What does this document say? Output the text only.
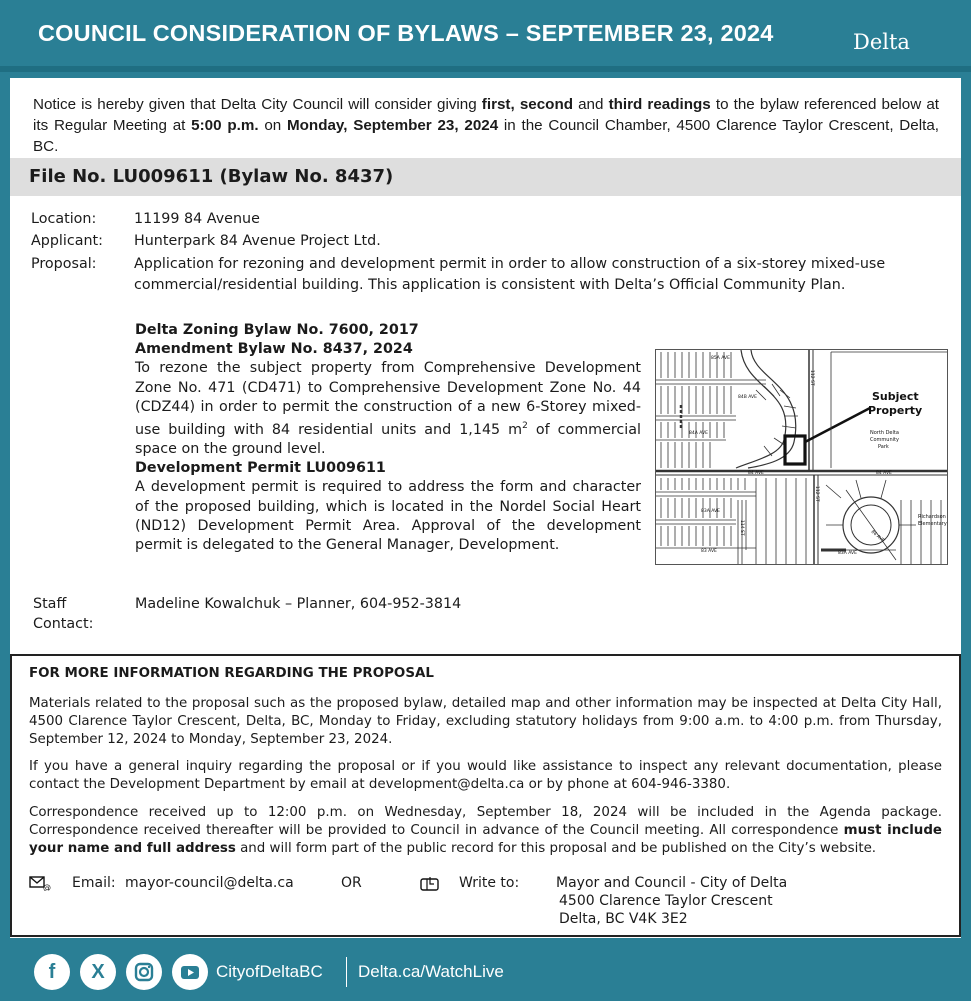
COUNCIL CONSIDERATION OF BYLAWS – SEPTEMBER 23, 2024	Delta
Notice is hereby given that Delta City Council will consider giving first, second and third readings to the bylaw referenced below at its Regular Meeting at 5:00 p.m. on Monday, September 23, 2024 in the Council Chamber, 4500 Clarence Taylor Crescent, Delta, BC.
File No. LU009611 (Bylaw No. 8437)
Location:	11199 84 Avenue
Applicant:	Hunterpark 84 Avenue Project Ltd.
Proposal:	Application for rezoning and development permit in order to allow construction of a six-storey mixed-use commercial/residential building. This application is consistent with Delta’s Official Community Plan.
Delta Zoning Bylaw No. 7600, 2017
Amendment Bylaw No. 8437, 2024
To rezone the subject property from Comprehensive Development Zone No. 471 (CD471) to Comprehensive Development Zone No. 44 (CDZ44) in order to permit the construction of a new 6-Storey mixed-use building with 84 residential units and 1,145 $m^2$ of commercial space on the ground level.
Development Permit LU009611
A development permit is required to address the form and character of the proposed building, which is located in the Nordel Social Heart (ND12) Development Permit Area. Approval of the development permit is delegated to the General Manager, Development.
Subject
Property
North Delta
Community
Park
Richardson
Elementary
84 AVE	84 AVE
85A AVE
84B AVE
84A AVE
83A AVE
83 AVE
112 ST
112 ST
114 ST
83A AVE
86 AVE
Staff Contact:
Madeline Kowalchuk – Planner, 604-952-3814
FOR MORE INFORMATION REGARDING THE PROPOSAL
Materials related to the proposal such as the proposed bylaw, detailed map and other information may be inspected at Delta City Hall, 4500 Clarence Taylor Crescent, Delta, BC, Monday to Friday, excluding statutory holidays from 9:00 a.m. to 4:00 p.m. from Thursday, September 12, 2024 to Monday, September 23, 2024.
If you have a general inquiry regarding the proposal or if you would like assistance to inspect any relevant documentation, please contact the Development Department by email at development@delta.ca or by phone at 604-946-3380.
Correspondence received up to 12:00 p.m. on Wednesday, September 18, 2024 will be included in the Agenda package. Correspondence received thereafter will be provided to Council in advance of the Council meeting. All correspondence must include your name and full address and will form part of the public record for this proposal and be published on the City’s website.
@ Email: mayor-council@delta.ca	OR	Write to:	Mayor and Council - City of Delta
4500 Clarence Taylor Crescent
Delta, BC V4K 3E2
f	X	CityofDeltaBC Delta.ca/WatchLive
